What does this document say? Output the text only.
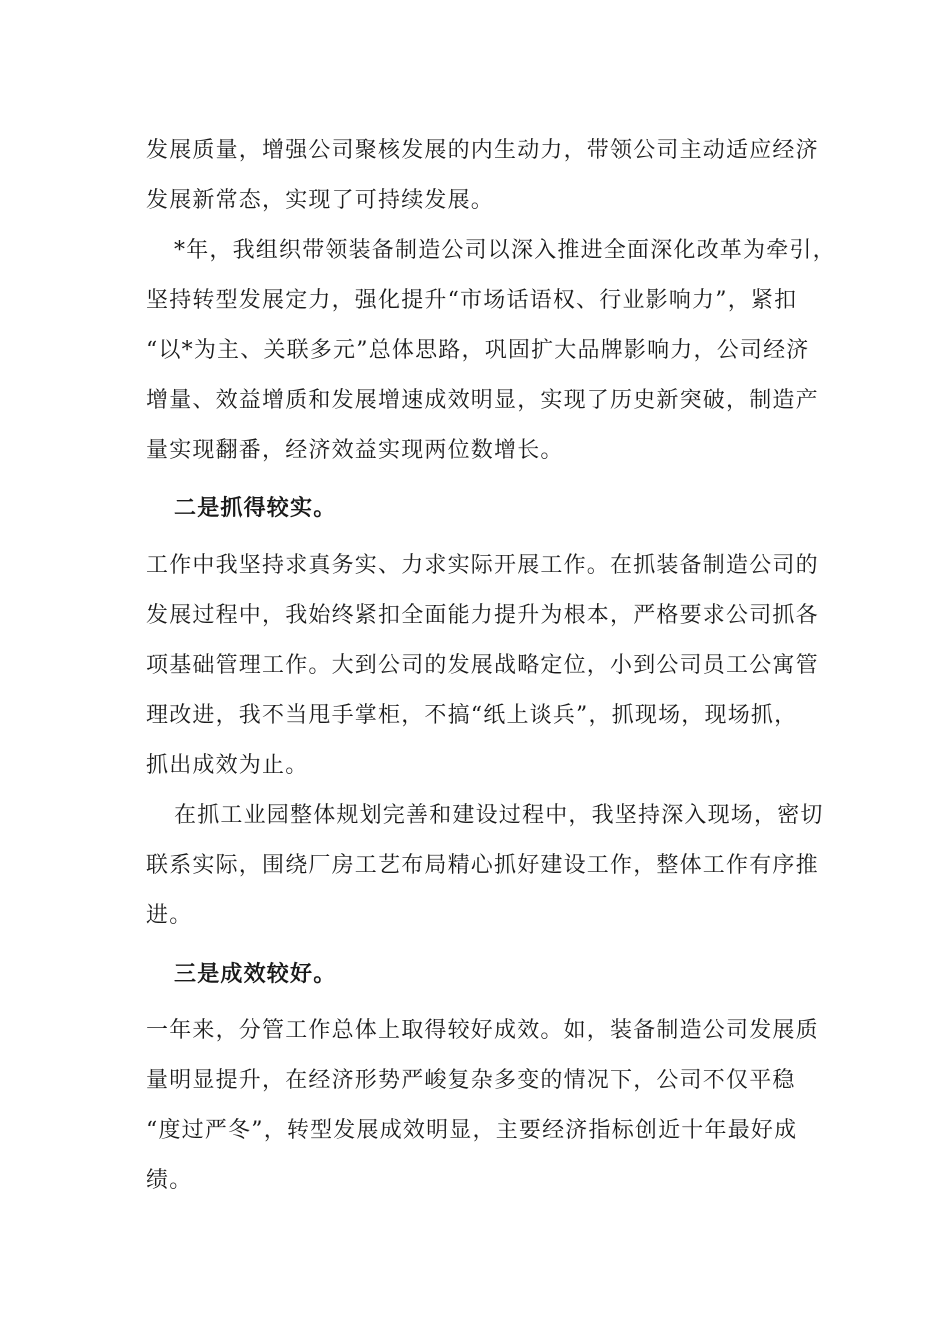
发展质量，增强公司聚核发展的内生动力，带领公司主动适应经济
发展新常态，实现了可持续发展。
*年，我组织带领装备制造公司以深入推进全面深化改革为牵引，
坚持转型发展定力，强化提升“市场话语权、行业影响力”，紧扣
“以*为主、关联多元”总体思路，巩固扩大品牌影响力，公司经济
增量、效益增质和发展增速成效明显，实现了历史新突破，制造产
量实现翻番，经济效益实现两位数增长。
二是抓得较实。
工作中我坚持求真务实、力求实际开展工作。在抓装备制造公司的
发展过程中，我始终紧扣全面能力提升为根本，严格要求公司抓各
项基础管理工作。大到公司的发展战略定位，小到公司员工公寓管
理改进，我不当甩手掌柜，不搞“纸上谈兵”，抓现场，现场抓，
抓出成效为止。
在抓工业园整体规划完善和建设过程中，我坚持深入现场，密切
联系实际，围绕厂房工艺布局精心抓好建设工作，整体工作有序推
进。
三是成效较好。
一年来，分管工作总体上取得较好成效。如，装备制造公司发展质
量明显提升，在经济形势严峻复杂多变的情况下，公司不仅平稳
“度过严冬”，转型发展成效明显，主要经济指标创近十年最好成
绩。
